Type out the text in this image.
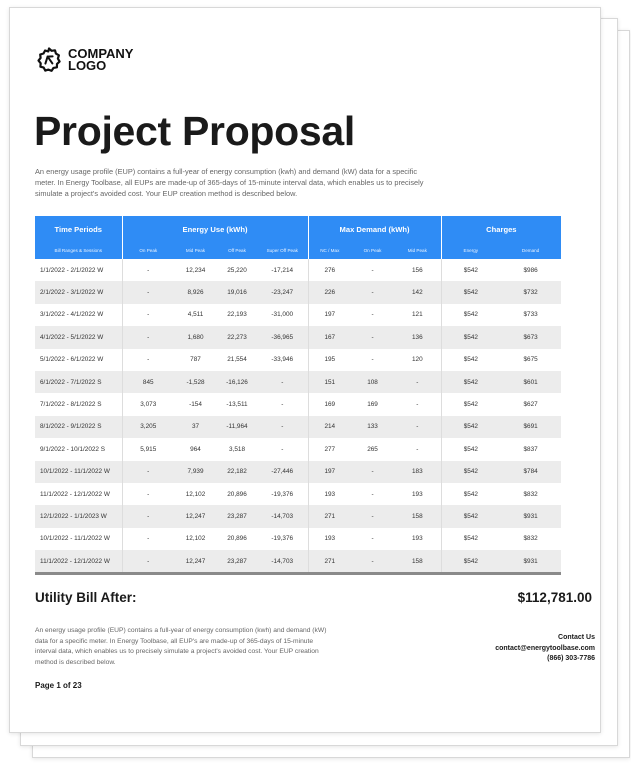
COMPANY
LOGO
Project Proposal

An energy usage profile (EUP) contains a full-year of energy consumption (kwh) and demand (kW) data for a specific meter. In Energy Toolbase, all EUPs are made-up of 365-days of 15-minute interval data, which enables us to precisely simulate a project's avoided cost. Your EUP creation method is described below.

Time Periods	Energy Use (kWh)				Max Demand (kWh)			Charges	
Bill Ranges & Sessions	On Peak	Mid Peak	Off Peak	Super Off Peak	NC / Max	On Peak	Mid Peak	Energy	Demand
1/1/2022 - 2/1/2022 W	-	12,234	25,220	-17,214	276	-	156	$542	$986
2/1/2022 - 3/1/2022 W	-	8,926	19,016	-23,247	226	-	142	$542	$732
3/1/2022 - 4/1/2022 W	-	4,511	22,193	-31,000	197	-	121	$542	$733
4/1/2022 - 5/1/2022 W	-	1,680	22,273	-36,965	167	-	136	$542	$673
5/1/2022 - 6/1/2022 W	-	787	21,554	-33,946	195	-	120	$542	$675
6/1/2022 - 7/1/2022 S	845	-1,528	-16,126	-	151	108	-	$542	$601
7/1/2022 - 8/1/2022 S	3,073	-154	-13,511	-	169	169	-	$542	$627
8/1/2022 - 9/1/2022 S	3,205	37	-11,964	-	214	133	-	$542	$691
9/1/2022 - 10/1/2022 S	5,915	964	3,518	-	277	265	-	$542	$837
10/1/2022 - 11/1/2022 W	-	7,939	22,182	-27,446	197	-	183	$542	$784
11/1/2022 - 12/1/2022 W	-	12,102	20,896	-19,376	193	-	193	$542	$832
12/1/2022 - 1/1/2023 W	-	12,247	23,287	-14,703	271	-	158	$542	$931
10/1/2022 - 11/1/2022 W	-	12,102	20,896	-19,376	193	-	193	$542	$832
11/1/2022 - 12/1/2022 W	-	12,247	23,287	-14,703	271	-	158	$542	$931
Utility Bill After:	$112,781.00

An energy usage profile (EUP) contains a full-year of energy consumption (kwh) and demand (kW) data for a specific meter. In Energy Toolbase, all EUP's are made-up of 365-days of 15-minute interval data, which enables us to precisely simulate a project's avoided cost. Your EUP creation method is described below.

Page 1 of 23
Contact Us
contact@energytoolbase.com
(866) 303-7786
